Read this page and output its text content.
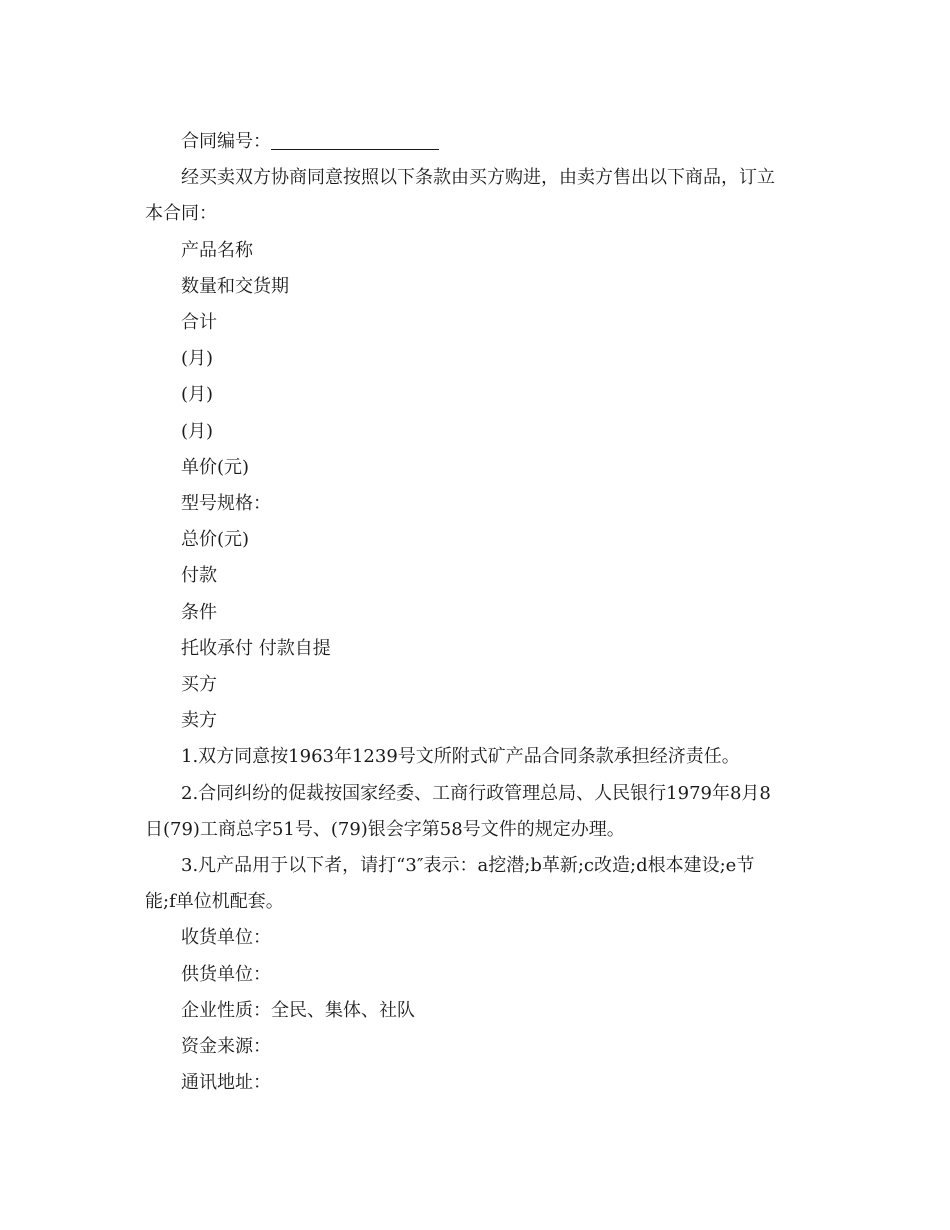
合同编号：
经买卖双方协商同意按照以下条款由买方购进，由卖方售出以下商品，订立
本合同：
产品名称
数量和交货期
合计
(月)
(月)
(月)
单价(元)
型号规格：
总价(元)
付款
条件
托收承付 付款自提
买方
卖方
1.双方同意按1963年1239号文所附式矿产品合同条款承担经济责任。
2.合同纠纷的促裁按国家经委、工商行政管理总局、人民银行1979年8月8
日(79)工商总字51号、(79)银会字第58号文件的规定办理。
3.凡产品用于以下者，请打“3″表示：a挖潜;b革新;c改造;d根本建设;e节
能;f单位机配套。
收货单位：
供货单位：
企业性质：全民、集体、社队
资金来源：
通讯地址：
